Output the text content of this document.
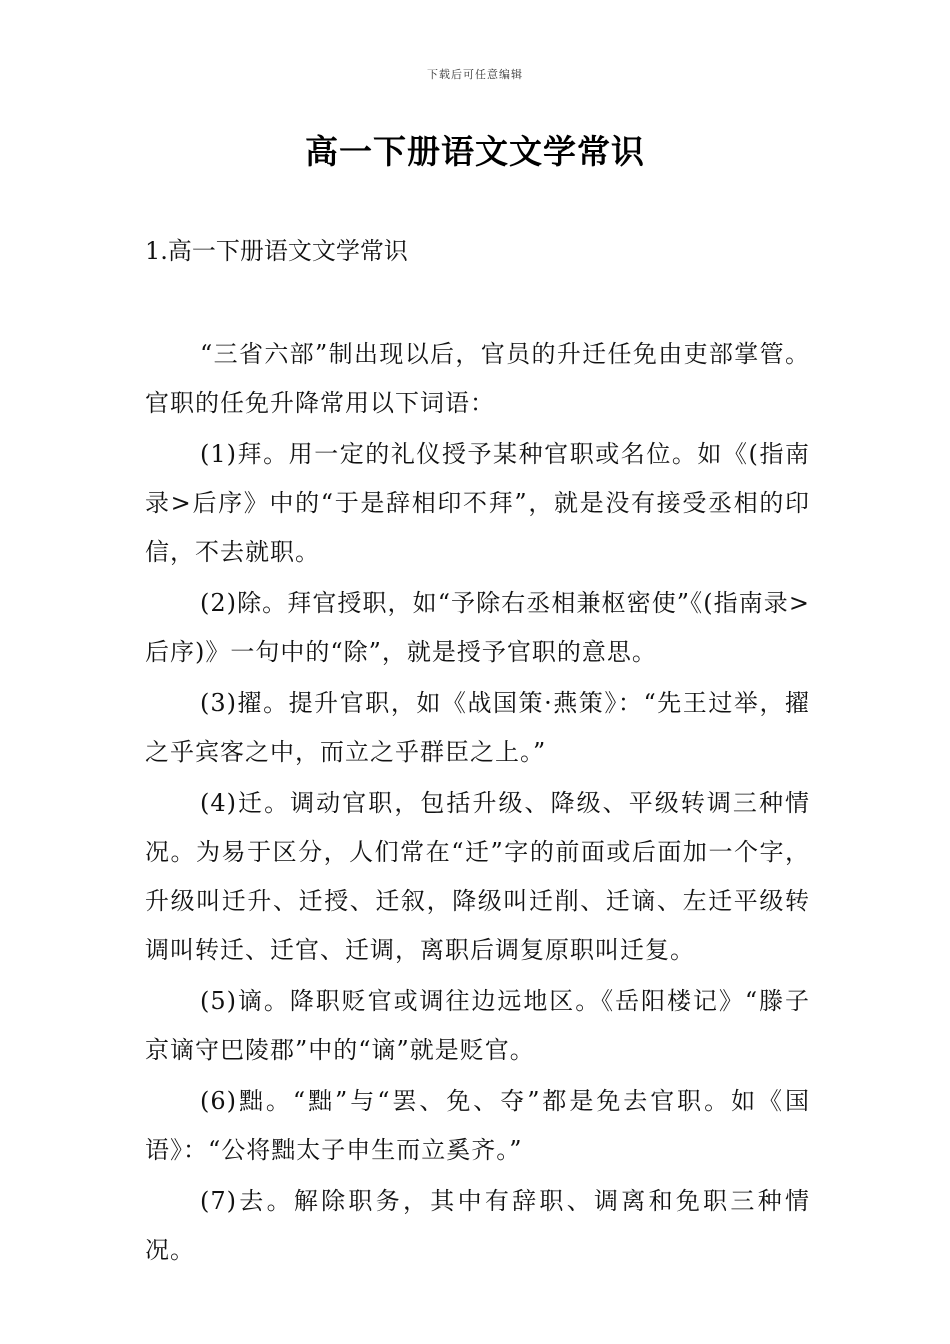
下载后可任意编辑
高一下册语文文学常识
1.高一下册语文文学常识

“三省六部”制出现以后，官员的升迁任免由吏部掌管。官职的任免升降常用以下词语：

(1)拜。用一定的礼仪授予某种官职或名位。如《(指南录>后序》中的“于是辞相印不拜”，就是没有接受丞相的印信，不去就职。

(2)除。拜官授职，如“予除右丞相兼枢密使”《(指南录>后序)》一句中的“除”，就是授予官职的意思。

(3)擢。提升官职，如《战国策·燕策》：“先王过举，擢之乎宾客之中，而立之乎群臣之上。”

(4)迁。调动官职，包括升级、降级、平级转调三种情况。为易于区分，人们常在“迁”字的前面或后面加一个字，升级叫迁升、迁授、迁叙，降级叫迁削、迁谪、左迁平级转调叫转迁、迁官、迁调，离职后调复原职叫迁复。

(5)谪。降职贬官或调往边远地区。《岳阳楼记》“滕子京谪守巴陵郡”中的“谪”就是贬官。

(6)黜。“黜”与“罢、免、夺”都是免去官职。如《国语》：“公将黜太子申生而立奚齐。”

(7)去。解除职务，其中有辞职、调离和免职三种情况。
